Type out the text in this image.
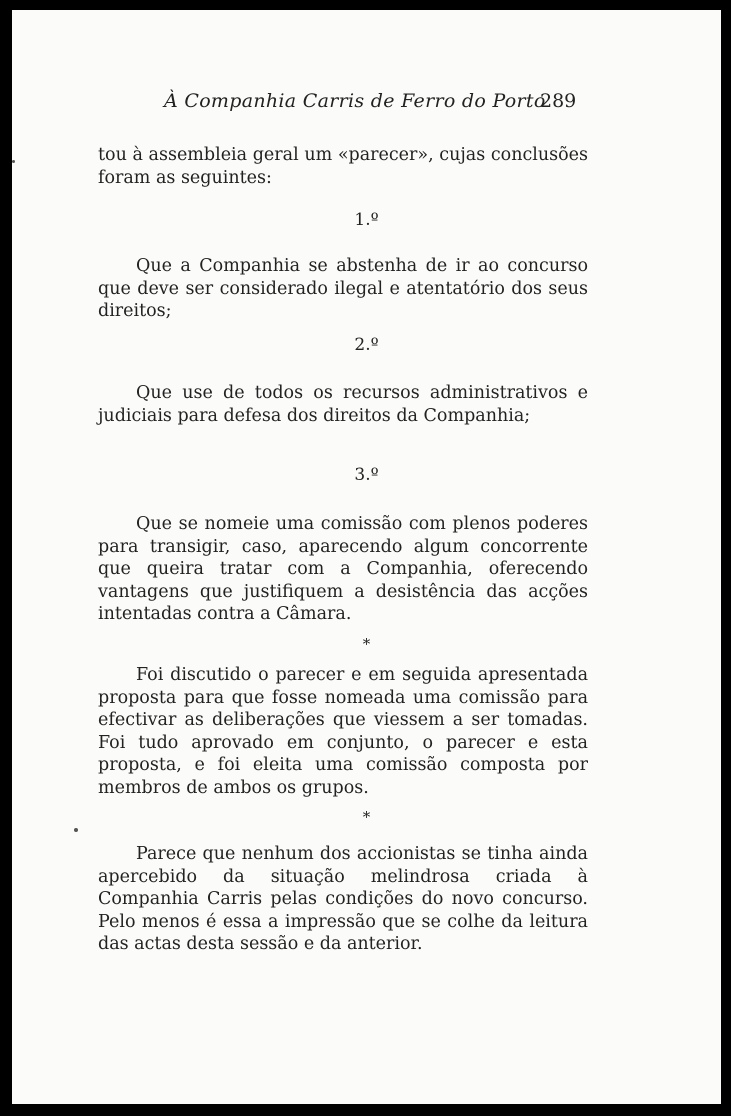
À Companhia Carris de Ferro do Porto
289

tou à assembleia geral um «parecer», cujas conclusões foram as seguintes:

1.º

Que a Companhia se abstenha de ir ao concurso que deve ser considerado ilegal e atentatório dos seus direitos;

2.º

Que use de todos os recursos administrativos e judiciais para defesa dos direitos da Companhia;

3.º

Que se nomeie uma comissão com plenos poderes para transigir, caso, aparecendo algum concorrente que queira tratar com a Companhia, oferecendo vantagens que justifiquem a desistência das acções intentadas contra a Câmara.

*

Foi discutido o parecer e em seguida apresentada proposta para que fosse nomeada uma comissão para efectivar as deliberações que viessem a ser tomadas. Foi tudo aprovado em conjunto, o parecer e esta proposta, e foi eleita uma comissão composta por membros de ambos os grupos.

*

Parece que nenhum dos accionistas se tinha ainda apercebido da situação melindrosa criada à Companhia Carris pelas condições do novo concurso. Pelo menos é essa a impressão que se colhe da leitura das actas desta sessão e da anterior.
